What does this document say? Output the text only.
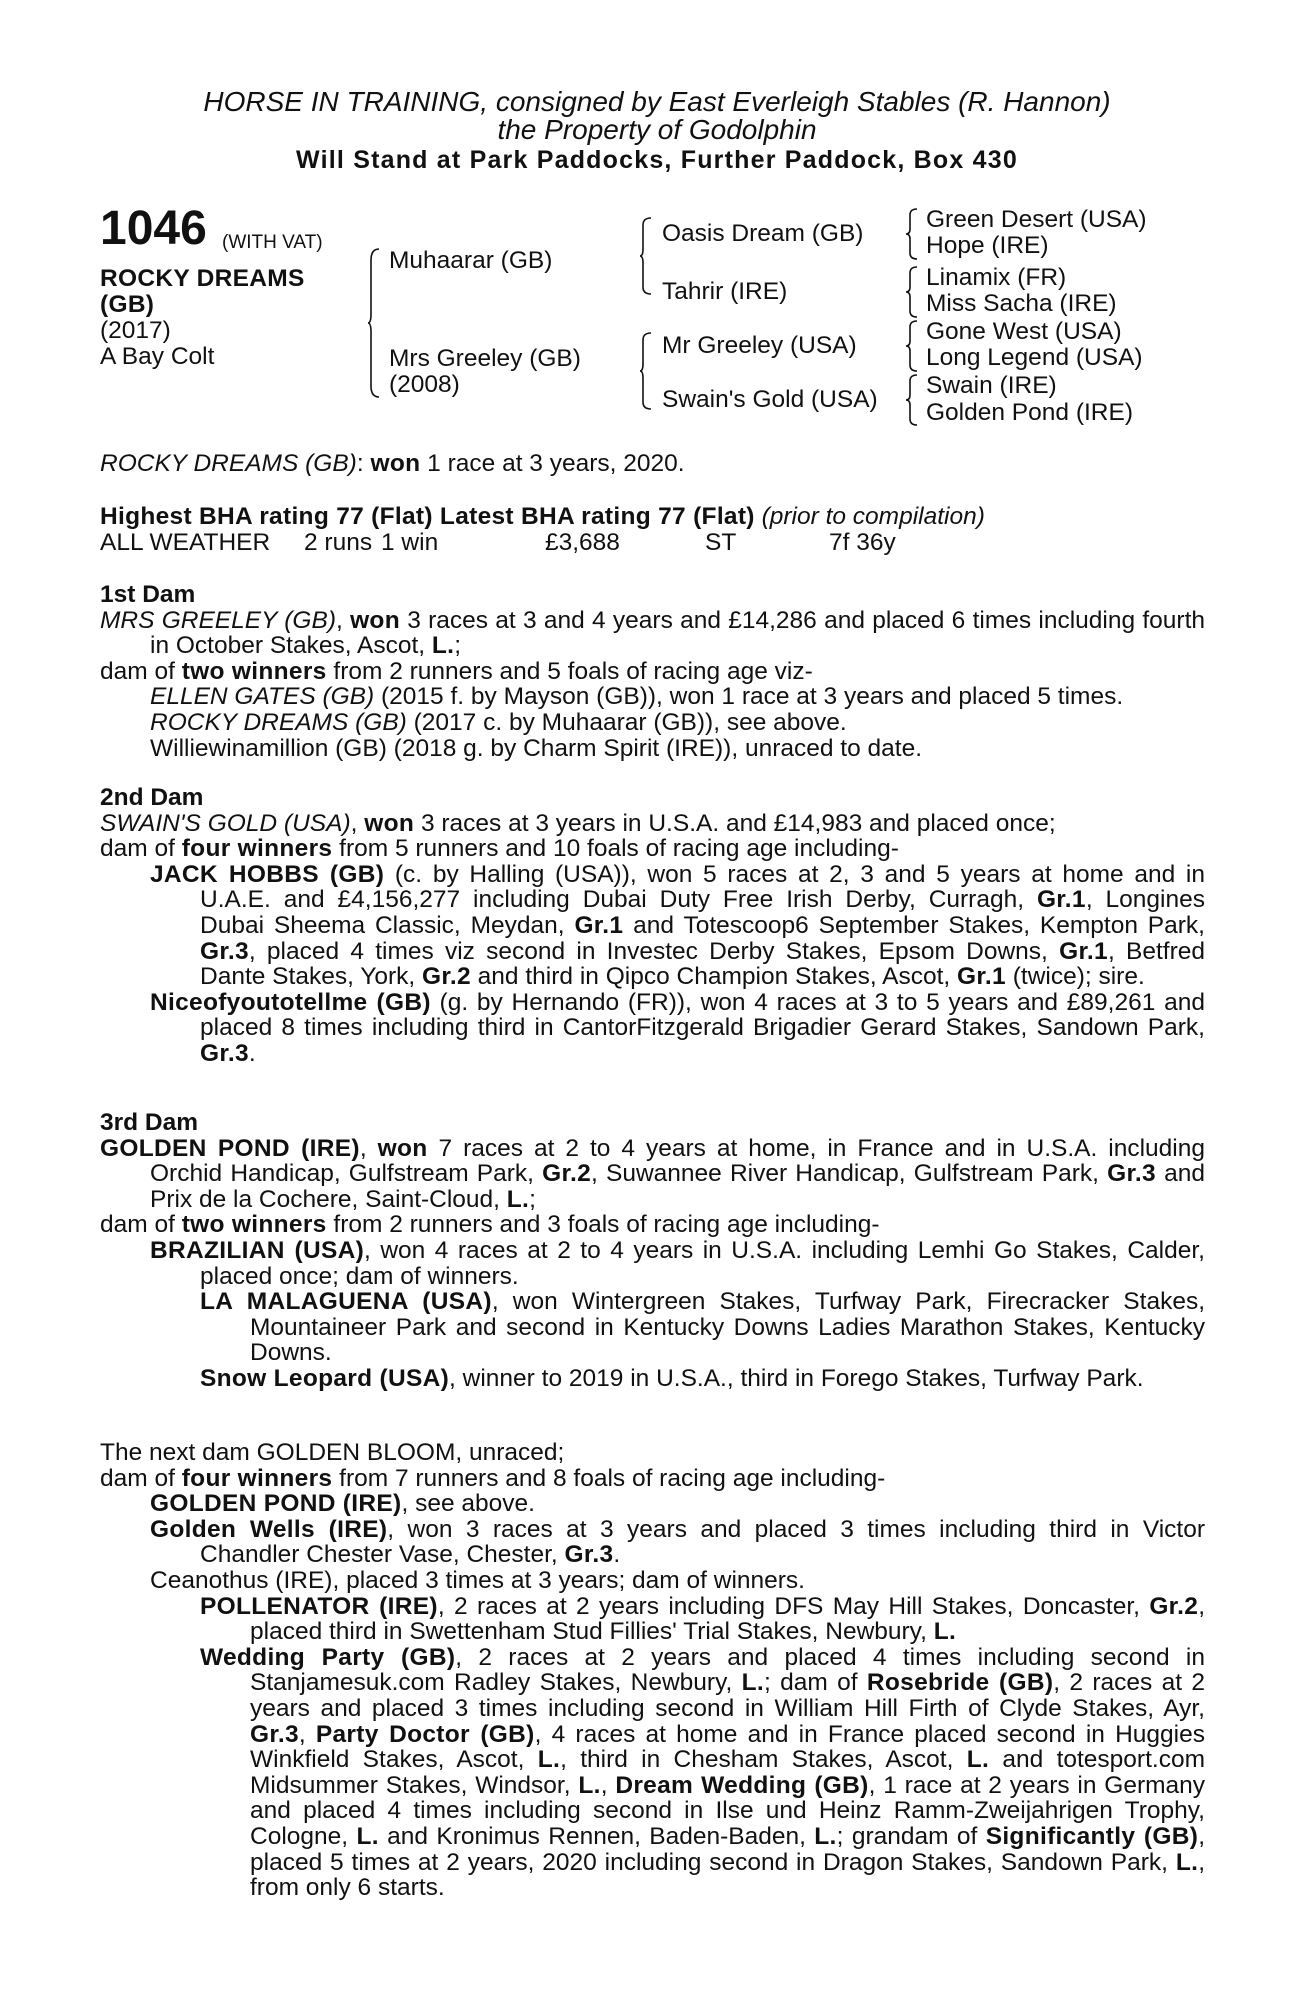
HORSE IN TRAINING, consigned by East Everleigh Stables (R. Hannon)
the Property of Godolphin
Will Stand at Park Paddocks, Further Paddock, Box 430
1046 (WITH VAT)
ROCKY DREAMS
(GB)
(2017)
A Bay Colt
Muhaarar (GB)
Mrs Greeley (GB)
(2008)
Oasis Dream (GB)
Tahrir (IRE)
Mr Greeley (USA)
Swain's Gold (USA)
Green Desert (USA)
Hope (IRE)
Linamix (FR)
Miss Sacha (IRE)
Gone West (USA)
Long Legend (USA)
Swain (IRE)
Golden Pond (IRE)
ROCKY DREAMS (GB): won 1 race at 3 years, 2020.
Highest BHA rating 77 (Flat) Latest BHA rating 77 (Flat) (prior to compilation)
ALL WEATHER 2 runs 1 win	£3,688	ST	7f 36y

1st Dam

MRS GREELEY (GB), won 3 races at 3 and 4 years and £14,286 and placed 6 times including fourth in October Stakes, Ascot, L.;

dam of two winners from 2 runners and 5 foals of racing age viz-

ELLEN GATES (GB) (2015 f. by Mayson (GB)), won 1 race at 3 years and placed 5 times.

ROCKY DREAMS (GB) (2017 c. by Muhaarar (GB)), see above.

Williewinamillion (GB) (2018 g. by Charm Spirit (IRE)), unraced to date.

2nd Dam

SWAIN'S GOLD (USA), won 3 races at 3 years in U.S.A. and £14,983 and placed once;

dam of four winners from 5 runners and 10 foals of racing age including-

JACK HOBBS (GB) (c. by Halling (USA)), won 5 races at 2, 3 and 5 years at home and in U.A.E. and £4,156,277 including Dubai Duty Free Irish Derby, Curragh, Gr.1, Longines Dubai Sheema Classic, Meydan, Gr.1 and Totescoop6 September Stakes, Kempton Park, Gr.3, placed 4 times viz second in Investec Derby Stakes, Epsom Downs, Gr.1, Betfred Dante Stakes, York, Gr.2 and third in Qipco Champion Stakes, Ascot, Gr.1 (twice); sire.

Niceofyoutotellme (GB) (g. by Hernando (FR)), won 4 races at 3 to 5 years and £89,261 and placed 8 times including third in CantorFitzgerald Brigadier Gerard Stakes, Sandown Park, Gr.3.

3rd Dam

GOLDEN POND (IRE), won 7 races at 2 to 4 years at home, in France and in U.S.A. including Orchid Handicap, Gulfstream Park, Gr.2, Suwannee River Handicap, Gulfstream Park, Gr.3 and Prix de la Cochere, Saint-Cloud, L.;

dam of two winners from 2 runners and 3 foals of racing age including-

BRAZILIAN (USA), won 4 races at 2 to 4 years in U.S.A. including Lemhi Go Stakes, Calder, placed once; dam of winners.

LA MALAGUENA (USA), won Wintergreen Stakes, Turfway Park, Firecracker Stakes, Mountaineer Park and second in Kentucky Downs Ladies Marathon Stakes, Kentucky Downs.

Snow Leopard (USA), winner to 2019 in U.S.A., third in Forego Stakes, Turfway Park.

The next dam GOLDEN BLOOM, unraced;

dam of four winners from 7 runners and 8 foals of racing age including-

GOLDEN POND (IRE), see above.

Golden Wells (IRE), won 3 races at 3 years and placed 3 times including third in Victor Chandler Chester Vase, Chester, Gr.3.

Ceanothus (IRE), placed 3 times at 3 years; dam of winners.

POLLENATOR (IRE), 2 races at 2 years including DFS May Hill Stakes, Doncaster, Gr.2, placed third in Swettenham Stud Fillies' Trial Stakes, Newbury, L.

Wedding Party (GB), 2 races at 2 years and placed 4 times including second in Stanjamesuk.com Radley Stakes, Newbury, L.; dam of Rosebride (GB), 2 races at 2 years and placed 3 times including second in William Hill Firth of Clyde Stakes, Ayr, Gr.3, Party Doctor (GB), 4 races at home and in France placed second in Huggies Winkfield Stakes, Ascot, L., third in Chesham Stakes, Ascot, L. and totesport.com Midsummer Stakes, Windsor, L., Dream Wedding (GB), 1 race at 2 years in Germany and placed 4 times including second in Ilse und Heinz Ramm-Zweijahrigen Trophy, Cologne, L. and Kronimus Rennen, Baden-Baden, L.; grandam of Significantly (GB), placed 5 times at 2 years, 2020 including second in Dragon Stakes, Sandown Park, L., from only 6 starts.
